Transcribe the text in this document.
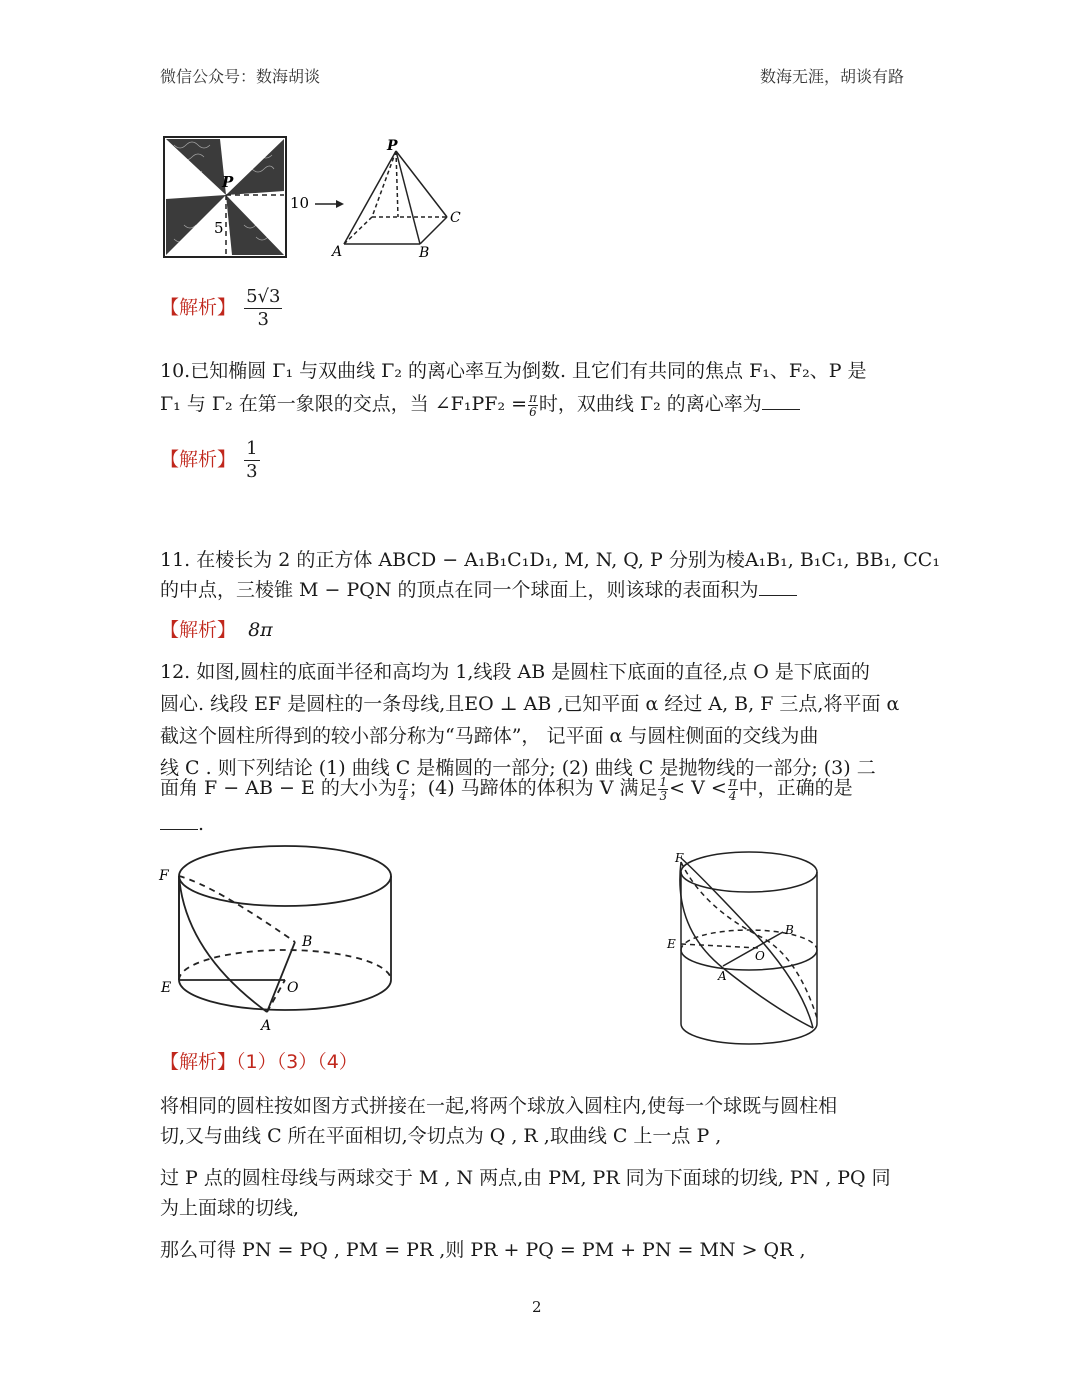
微信公众号：数海胡谈	数海无涯，胡谈有路
P
5
10
P
A	B
C
【解析】 $\frac{5√3}{3}$
10.已知椭圆 Γ₁ 与双曲线 Γ₂ 的离心率互为倒数. 且它们有共同的焦点 F₁、F₂、P 是
Γ₁ 与 Γ₂ 在第一象限的交点，当 ∠F₁PF₂ = $\frac{\pi}{6}$ 时，双曲线 Γ₂ 的离心率为
【解析】 $\frac{1}{3}$
11. 在棱长为 2 的正方体 ABCD − A₁B₁C₁D₁, M, N, Q, P 分别为棱A₁B₁, B₁C₁, BB₁, CC₁
的中点，三棱锥 M − PQN 的顶点在同一个球面上，则该球的表面积为
【解析】 8π
12. 如图,圆柱的底面半径和高均为 1,线段 AB 是圆柱下底面的直径,点 O 是下底面的
圆心. 线段 EF 是圆柱的一条母线,且EO ⊥ AB ,已知平面 α 经过 A, B, F 三点,将平面 α
截这个圆柱所得到的较小部分称为“马蹄体”， 记平面 α 与圆柱侧面的交线为曲
线 C . 则下列结论 (1) 曲线 C 是椭圆的一部分; (2) 曲线 C 是抛物线的一部分; (3) 二
面角 F − AB − E 的大小为 $\frac{\pi}{4}$ ；(4) 马蹄体的体积为 V 满足 $\frac{1}{3} < V < \frac{\pi}{4}$ 中，正确的是
.
F
E	O
A
B
F
E
O
A
B
【解析】（1）（3）（4）
将相同的圆柱按如图方式拼接在一起,将两个球放入圆柱内,使每一个球既与圆柱相
切,又与曲线 C 所在平面相切,令切点为 Q , R ,取曲线 C 上一点 P ,
过 P 点的圆柱母线与两球交于 M , N 两点,由 PM, PR 同为下面球的切线, PN , PQ 同
为上面球的切线,
那么可得 PN = PQ , PM = PR ,则 PR + PQ = PM + PN = MN > QR ,
2
